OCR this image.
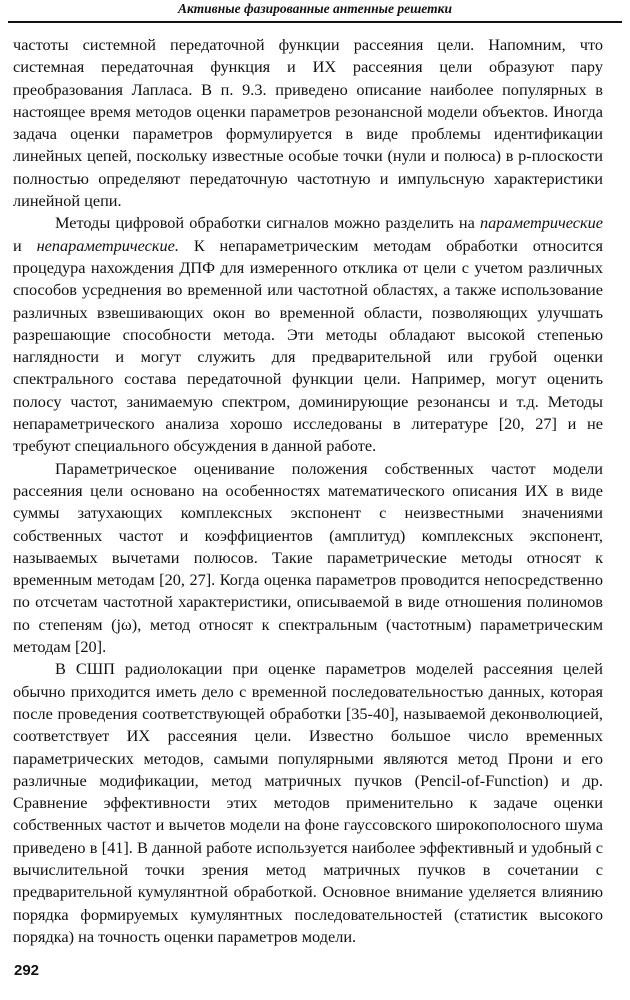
Активные фазированные антенные решетки

частоты системной передаточной функции рассеяния цели. Напомним, что системная передаточная функция и ИХ рассеяния цели образуют пару преобразования Лапласа. В п. 9.3. приведено описание наиболее популярных в настоящее время методов оценки параметров резонансной модели объектов. Иногда задача оценки параметров формулируется в виде проблемы идентификации линейных цепей, поскольку известные особые точки (нули и полюса) в p-плоскости полностью определяют передаточную частотную и импульсную характеристики линейной цепи.

Методы цифровой обработки сигналов можно разделить на параметрические и непараметрические. К непараметрическим методам обработки относится процедура нахождения ДПФ для измеренного отклика от цели с учетом различных способов усреднения во временной или частотной областях, а также использование различных взвешивающих окон во временной области, позволяющих улучшать разрешающие способности метода. Эти методы обладают высокой степенью наглядности и могут служить для предварительной или грубой оценки спектрального состава передаточной функции цели. Например, могут оценить полосу частот, занимаемую спектром, доминирующие резонансы и т.д. Методы непараметрического анализа хорошо исследованы в литературе [20, 27] и не требуют специального обсуждения в данной работе.

Параметрическое оценивание положения собственных частот модели рассеяния цели основано на особенностях математического описания ИХ в виде суммы затухающих комплексных экспонент с неизвестными значениями собственных частот и коэффициентов (амплитуд) комплексных экспонент, называемых вычетами полюсов. Такие параметрические методы относят к временным методам [20, 27]. Когда оценка параметров проводится непосредственно по отсчетам частотной характеристики, описываемой в виде отношения полиномов по степеням (jω), метод относят к спектральным (частотным) параметрическим методам [20].

В СШП радиолокации при оценке параметров моделей рассеяния целей обычно приходится иметь дело с временной последовательностью данных, которая после проведения соответствующей обработки [35-40], называемой деконволюцией, соответствует ИХ рассеяния цели. Известно большое число временных параметрических методов, самыми популярными являются метод Прони и его различные модификации, метод матричных пучков (Pencil-of-Function) и др. Сравнение эффективности этих методов применительно к задаче оценки собственных частот и вычетов модели на фоне гауссовского широкополосного шума приведено в [41]. В данной работе используется наиболее эффективный и удобный с вычислительной точки зрения метод матричных пучков в сочетании с предварительной кумулянтной обработкой. Основное внимание уделяется влиянию порядка формируемых кумулянтных последовательностей (статистик высокого порядка) на точность оценки параметров модели.

292
